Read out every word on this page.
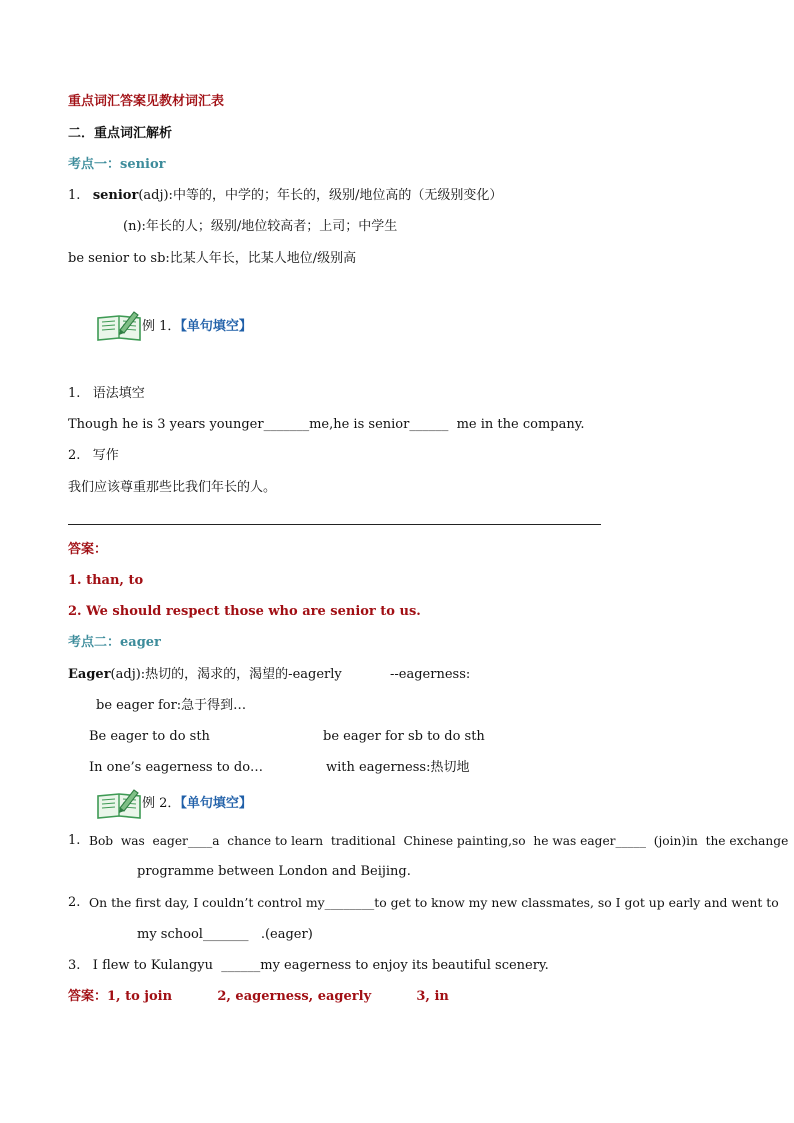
重点词汇答案见教材词汇表
二．重点词汇解析
考点一：senior
1. senior(adj):中等的，中学的；年长的，级别/地位高的（无级别变化）
(n):年长的人；级别/地位较高者；上司；中学生
be senior to sb:比某人年长，比某人地位/级别高
例 1．【单句填空】
1.   语法填空
Though he is 3 years younger_______me,he is senior______  me in the company.
2.   写作
我们应该尊重那些比我们年长的人。
答案：
1. than, to
2. We should respect those who are senior to us.
考点二：eager
Eager(adj):热切的，渴求的，渴望的-eagerly	--eagerness:
be eager for:急于得到…
Be eager to do sth	be eager for sb to do sth
In one’s eagerness to do…	with eagerness:热切地
例 2．【单句填空】
1. Bob  was  eager____a  chance to learn  traditional  Chinese painting,so  he was eager_____  (join)in  the exchange
programme between London and Beijing.
2. On the first day, I couldn’t control my________to get to know my new classmates, so I got up early and went to
my school_______   .(eager)
3.   I flew to Kulangyu  ______my eagerness to enjoy its beautiful scenery.
答案：1, to join          2, eagerness, eagerly          3, in
